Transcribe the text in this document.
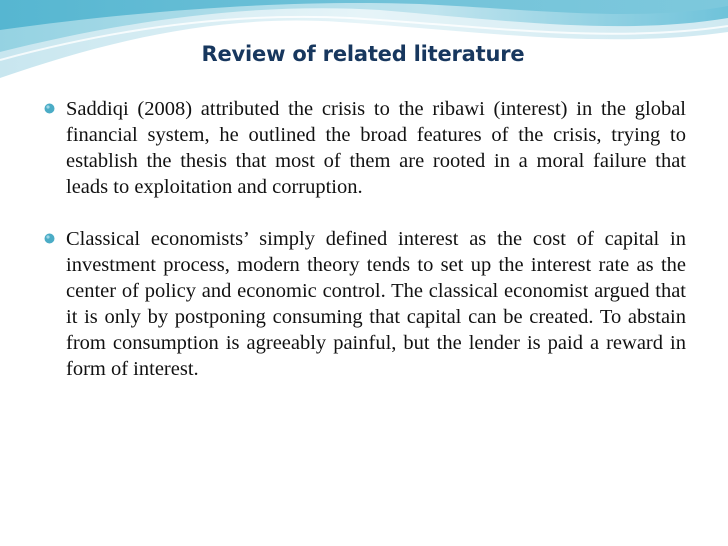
Review of related literature
Saddiqi (2008) attributed the crisis to the ribawi (interest) in the global financial system, he outlined the broad features of the crisis, trying to establish the thesis that most of them are rooted in a moral failure that leads to exploitation and corruption.
Classical economists’ simply defined interest as the cost of capital in investment process, modern theory tends to set up the interest rate as the center of policy and economic control. The classical economist argued that it is only by postponing consuming that capital can be created. To abstain from consumption is agreeably painful, but the lender is paid a reward in form of interest.
